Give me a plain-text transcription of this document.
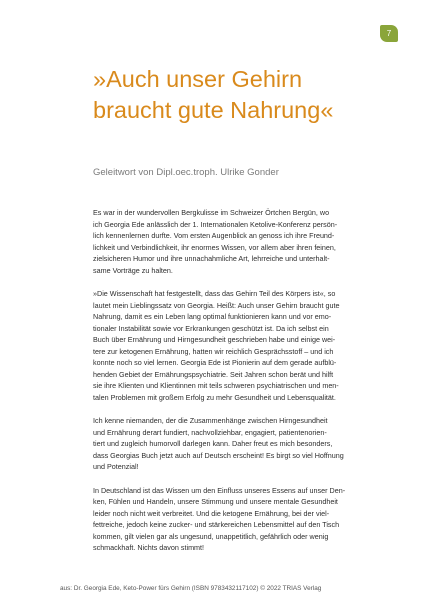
7
»Auch unser Gehirn
braucht gute Nahrung«

Geleitwort von Dipl.oec.troph. Ulrike Gonder

Es war in der wundervollen Bergkulisse im Schweizer Örtchen Bergün, wo
ich Georgia Ede anlässlich der 1. Internationalen Ketolive-Konferenz persön-
lich kennenlernen durfte. Vom ersten Augenblick an genoss ich ihre Freund-
lichkeit und Verbindlichkeit, ihr enormes Wissen, vor allem aber ihren feinen,
zielsicheren Humor und ihre unnachahmliche Art, lehrreiche und unterhalt-
same Vorträge zu halten.

»Die Wissenschaft hat festgestellt, dass das Gehirn Teil des Körpers ist«, so
lautet mein Lieblingssatz von Georgia. Heißt: Auch unser Gehirn braucht gute
Nahrung, damit es ein Leben lang optimal funktionieren kann und vor emo-
tionaler Instabilität sowie vor Erkrankungen geschützt ist. Da ich selbst ein
Buch über Ernährung und Hirngesundheit geschrieben habe und einige wei-
tere zur ketogenen Ernährung, hatten wir reichlich Gesprächsstoff – und ich
konnte noch so viel lernen. Georgia Ede ist Pionierin auf dem gerade aufblü-
henden Gebiet der Ernährungspsychiatrie. Seit Jahren schon berät und hilft
sie ihre Klienten und Klientinnen mit teils schweren psychiatrischen und men-
talen Problemen mit großem Erfolg zu mehr Gesundheit und Lebensqualität.

Ich kenne niemanden, der die Zusammenhänge zwischen Hirngesundheit
und Ernährung derart fundiert, nachvollziehbar, engagiert, patientenorien-
tiert und zugleich humorvoll darlegen kann. Daher freut es mich besonders,
dass Georgias Buch jetzt auch auf Deutsch erscheint! Es birgt so viel Hoffnung
und Potenzial!

In Deutschland ist das Wissen um den Einfluss unseres Essens auf unser Den-
ken, Fühlen und Handeln, unsere Stimmung und unsere mentale Gesundheit
leider noch nicht weit verbreitet. Und die ketogene Ernährung, bei der viel-
fettreiche, jedoch keine zucker- und stärkereichen Lebensmittel auf den Tisch
kommen, gilt vielen gar als ungesund, unappetitlich, gefährlich oder wenig
schmackhaft. Nichts davon stimmt!

aus: Dr. Georgia Ede, Keto-Power fürs Gehirn (ISBN 9783432117102) © 2022 TRIAS Verlag
